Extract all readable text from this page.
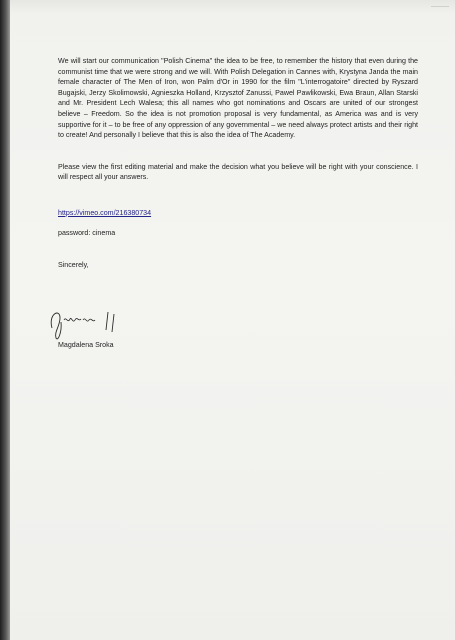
We will start our communication "Polish Cinema" the idea to be free, to remember the history that even during the communist time that we were strong and we will. With Polish Delegation in Cannes with, Krystyna Janda the main female character of The Men of Iron, won Palm d'Or in 1990 for the film "L'interrogatoire" directed by Ryszard Bugajski, Jerzy Skolimowski, Agnieszka Holland, Krzysztof Zanussi, Pawel Pawlikowski, Ewa Braun, Allan Starski and Mr. President Lech Walesa; this all names who got nominations and Oscars are united of our strongest believe – Freedom. So the idea is not promotion proposal is very fundamental, as America was and is very supportive for it – to be free of any oppression of any governmental – we need always protect artists and their right to create! And personally I believe that this is also the idea of The Academy.

Please view the first editing material and make the decision what you believe will be right with your conscience. I will respect all your answers.

https://vimeo.com/216380734

password: cinema

Sincerely,

Magdalena Sroka
